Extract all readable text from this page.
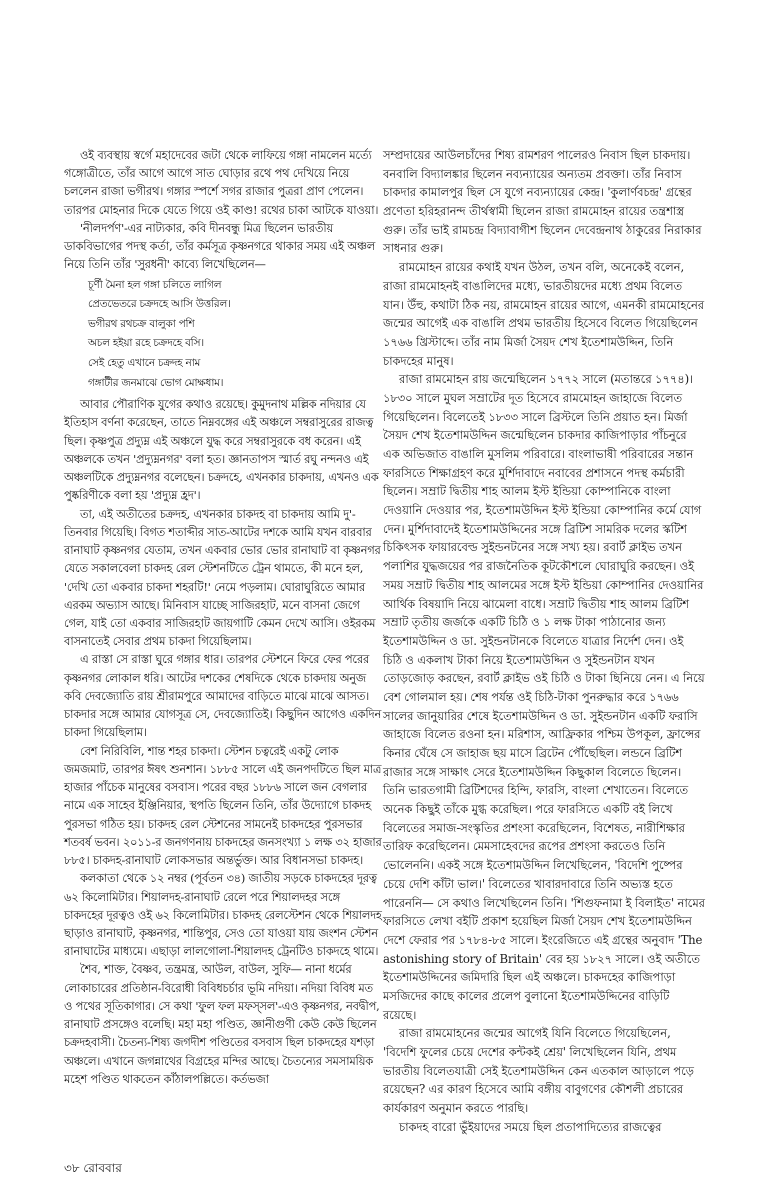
ওই ব্যবস্থায় স্বর্গে মহাদেবের জটা থেকে লাফিয়ে গঙ্গা নামলেন মর্ত্যে গঙ্গোত্রীতে, তাঁর আগে আগে সাত ঘোড়ার রথে পথ দেখিয়ে নিয়ে চললেন রাজা ভগীরথ। গঙ্গার স্পর্শে সগর রাজার পুত্ররা প্রাণ পেলেন। তারপর মোহনার দিকে যেতে গিয়ে ওই কাণ্ড! রথের চাকা আটকে যাওয়া।

'নীলদর্পণ'-এর নাট্যকার, কবি দীনবন্ধু মিত্র ছিলেন ভারতীয় ডাকবিভাগের পদস্থ কর্তা, তাঁর কর্মসূত্র কৃষ্ণনগরে থাকার সময় এই অঞ্চল নিয়ে তিনি তাঁর 'সুরধনী' কাব্যে লিখেছিলেন—

চূর্ণী মৈনা হল গঙ্গা চলিতে লাগিল
প্রেতভেতরে চক্রদহে আসি উত্তরিল।
ভগীরথ রথচক্র বালুকা পশি
অচল হইয়া রহে চক্রদহে বসি।
সেই হেতু এখানে চক্রদহ নাম
গঙ্গাটীর জনমাঝে ভোগ মোক্ষধাম।

আবার পৌরাণিক যুগের কথাও রয়েছে। কুমুদনাথ মল্লিক নদিয়ার যে ইতিহাস বর্ণনা করেছেন, তাতে নিম্নবঙ্গের এই অঞ্চলে সম্বরাসুরের রাজত্ব ছিল। কৃষ্ণপুত্র প্রদ্যুম্ন এই অঞ্চলে যুদ্ধ করে সম্বরাসুরকে বধ করেন। এই অঞ্চলকে তখন 'প্রদ্যুম্ননগর' বলা হত। জ্ঞানতাপস স্মার্ত রঘু নন্দনও এই অঞ্চলটিকে প্রদ্যুম্ননগর বলেছেন। চক্রদহে, এখনকার চাকদায়, এখনও এক পুষ্করিণীকে বলা হয় 'প্রদ্যুম্ন হ্রদ'।

তা, এই অতীতের চক্রদহ, এখনকার চাকদহ বা চাকদায় আমি দু'-তিনবার গিয়েছি। বিগত শতাব্দীর সাত-আটের দশকে আমি যখন বারবার রানাঘাট কৃষ্ণনগর যেতাম, তখন একবার ভোর ভোর রানাঘাট বা কৃষ্ণনগর যেতে সকালবেলা চাকদহ রেল স্টেশনটিতে ট্রেন থামতে, কী মনে হল, 'দেখি তো একবার চাকদা শহরটি!' নেমে পড়লাম। ঘোরাঘুরিতে আমার এরকম অভ্যাস আছে। মিনিবাস যাচ্ছে সাজিরহাট, মনে বাসনা জেগে গেল, যাই তো একবার সাজিরহাট জায়গাটি কেমন দেখে আসি। ওইরকম বাসনাতেই সেবার প্রথম চাকদা গিয়েছিলাম।

এ রাস্তা সে রাস্তা ঘুরে গঙ্গার ধার। তারপর স্টেশনে ফিরে ফের পরের কৃষ্ণনগর লোকাল ধরি। আটের দশকের শেষদিকে থেকে চাকদায় অনুজ কবি দেবজ্যোতি রায় শ্রীরামপুরে আমাদের বাড়িতে মাঝে মাঝে আসত। চাকদার সঙ্গে আমার যোগসূত্র সে, দেবজ্যোতিই। কিছুদিন আগেও একদিন চাকদা গিয়েছিলাম।

বেশ নিরিবিলি, শান্ত শহর চাকদা। স্টেশন চত্বরেই একটু লোক জমজমাট, তারপর ঈষৎ শুনশান। ১৮৮৫ সালে এই জনপদটিতে ছিল মাত্র হাজার পাঁচেক মানুষের বসবাস। পরের বছর ১৮৮৬ সালে জন বেগলার নামে এক সাহেব ইঞ্জিনিয়ার, স্থপতি ছিলেন তিনি, তাঁর উদ্যোগে চাকদহ পুরসভা গঠিত হয়। চাকদহ রেল স্টেশনের সামনেই চাকদহের পুরসভার শতবর্ষ ভবন। ২০১১-র জনগণনায় চাকদহের জনসংখ্যা ১ লক্ষ ৩২ হাজার ৮৮৫। চাকদহ-রানাঘাট লোকসভার অন্তর্ভুক্ত। আর বিধানসভা চাকদহ।

কলকাতা থেকে ১২ নম্বর (পূর্বতন ৩৪) জাতীয় সড়কে চাকদহের দূরত্ব ৬২ কিলোমিটার। শিয়ালদহ-রানাঘাট রেলে পরে শিয়ালদহর সঙ্গে চাকদহের দূরত্বও ওই ৬২ কিলোমিটার। চাকদহ রেলস্টেশন থেকে শিয়ালদহ ছাড়াও রানাঘাট, কৃষ্ণনগর, শান্তিপুর, সেও তো যাওয়া যায় জংশন স্টেশন রানাঘাটের মাধ্যমে। এছাড়া লালগোলা-শিয়ালদহ ট্রেনটিও চাকদহে থামে।

শৈব, শাক্ত, বৈষ্ণব, তন্ত্রমন্ত্র, আউল, বাউল, সুফি— নানা ধর্মের লোকাচারের প্রতিষ্ঠান-বিরোধী বিবিধচর্চার ভূমি নদিয়া। নদিয়া বিবিধ মত ও পথের সূতিকাগার। সে কথা 'ফুল ফল মফস্সল'-এও কৃষ্ণনগর, নবদ্বীপ, রানাঘাট প্রসঙ্গেও বলেছি। মহা মহা পণ্ডিত, জ্ঞানীগুণী কেউ কেউ ছিলেন চক্রদহবাসী। চৈতন্য-শিষ্য জগদীশ পণ্ডিতের বসবাস ছিল চাকদহের যশড়া অঞ্চলে। এখানে জগন্নাথের বিগ্রহের মন্দির আছে। চৈতন্যের সমসাময়িক মহেশ পণ্ডিত থাকতেন কাঁঠালপল্লিতে। কর্তভজা

সম্প্রদায়ের আউলচাঁদের শিষ্য রামশরণ পালেরও নিবাস ছিল চাকদায়। বনবালি বিদ্যালঙ্কার ছিলেন নব্যন্যায়ের অন্যতম প্রবক্তা। তাঁর নিবাস চাকদার কামালপুর ছিল সে যুগে নব্যন্যায়ের কেন্দ্র। 'কুলার্ণবচন্দ্র' গ্রন্থের প্রণেতা হরিহরানন্দ তীর্থস্বামী ছিলেন রাজা রামমোহন রায়ের তন্ত্রশাস্ত্র গুরু। তাঁর ভাই রামচন্দ্র বিদ্যাবাগীশ ছিলেন দেবেন্দ্রনাথ ঠাকুরের নিরাকার সাধনার গুরু।

রামমোহন রায়ের কথাই যখন উঠল, তখন বলি, অনেকেই বলেন, রাজা রামমোহনই বাঙালিদের মধ্যে, ভারতীয়দের মধ্যে প্রথম বিলেত যান। উঁহু, কথাটা ঠিক নয়, রামমোহন রায়ের আগে, এমনকী রামমোহনের জন্মের আগেই এক বাঙালি প্রথম ভারতীয় হিসেবে বিলেত গিয়েছিলেন ১৭৬৬ খ্রিস্টাব্দে। তাঁর নাম মির্জা সৈয়দ শেখ ইতেশামউদ্দিন, তিনি চাকদহের মানুষ।

রাজা রামমোহন রায় জন্মেছিলেন ১৭৭২ সালে (মতান্তরে ১৭৭৪)। ১৮৩০ সালে মুঘল সম্রাটের দূত হিসেবে রামমোহন জাহাজে বিলেত গিয়েছিলেন। বিলেতেই ১৮৩৩ সালে ব্রিস্টলে তিনি প্রয়াত হন। মির্জা সৈয়দ শেখ ইতেশামউদ্দিন জন্মেছিলেন চাকদার কাজিপাড়ার পাঁচনুরে এক অভিজাত বাঙালি মুসলিম পরিবারে। বাংলাভাষী পরিবারের সন্তান ফারসিতে শিক্ষাগ্রহণ করে মুর্শিদাবাদে নবাবের প্রশাসনে পদস্থ কর্মচারী ছিলেন। সম্রাট দ্বিতীয় শাহ আলম ইস্ট ইন্ডিয়া কোম্পানিকে বাংলা দেওয়ানি দেওয়ার পর, ইতেশামউদ্দিন ইস্ট ইন্ডিয়া কোম্পানির কর্মে যোগ দেন। মুর্শিদাবাদেই ইতেশামউদ্দিনের সঙ্গে ব্রিটিশ সামরিক দলের স্কটিশ চিকিৎসক ফায়ারবেল্ড সুইন্ডনটনের সঙ্গে সখ্য হয়। রবার্ট ক্লাইভ তখন পলাশির যুদ্ধজয়ের পর রাজনৈতিক কূটকৌশলে ঘোরাঘুরি করছেন। ওই সময় সম্রাট দ্বিতীয় শাহ আলমের সঙ্গে ইস্ট ইন্ডিয়া কোম্পানির দেওয়ানির আর্থিক বিষয়াদি নিয়ে ঝামেলা বাধে। সম্রাট দ্বিতীয় শাহ আলম ব্রিটিশ সম্রাট তৃতীয় জর্জকে একটি চিঠি ও ১ লক্ষ টাকা পাঠানোর জন্য ইতেশামউদ্দিন ও ডা. সুইন্ডনটানকে বিলেতে যাত্রার নির্দেশ দেন। ওই চিঠি ও একলাখ টাকা নিয়ে ইতেশামউদ্দিন ও সুইন্ডনটান যখন তোড়জোড় করছেন, রবার্ট ক্লাইভ ওই চিঠি ও টাকা ছিনিয়ে নেন। এ নিয়ে বেশ গোলমাল হয়। শেষ পর্যন্ত ওই চিঠি-টাকা পুনরুদ্ধার করে ১৭৬৬ সালের জানুয়ারির শেষে ইতেশামউদ্দিন ও ডা. সুইন্ডনটান একটি ফরাসি জাহাজে বিলেত রওনা হন। মরিশাস, আফ্রিকার পশ্চিম উপকূল, ফ্রান্সের কিনার ঘেঁষে সে জাহাজ ছয় মাসে ব্রিটেন পৌঁছেছিল। লন্ডনে ব্রিটিশ রাজার সঙ্গে সাক্ষাৎ সেরে ইতেশামউদ্দিন কিছুকাল বিলেতে ছিলেন। তিনি ভারতগামী ব্রিটিশদের হিন্দি, ফারসি, বাংলা শেখাতেন। বিলেতে অনেক কিছুই তাঁকে মুগ্ধ করেছিল। পরে ফারসিতে একটি বই লিখে বিলেতের সমাজ-সংস্কৃতির প্রশংসা করেছিলেন, বিশেষত, নারীশিক্ষার তারিফ করেছিলেন। মেমসাহেবদের রূপের প্রশংসা করতেও তিনি ভোলেননি। একই সঙ্গে ইতেশামউদ্দিন লিখেছিলেন, 'বিদেশি পুষ্পের চেয়ে দেশি কাঁটা ভাল।' বিলেতের খাবারদাবারে তিনি অভ্যস্ত হতে পারেননি— সে কথাও লিখেছিলেন তিনি। 'শিগুফনামা ই বিলাইত' নামের ফারসিতে লেখা বইটি প্রকাশ হয়েছিল মির্জা সৈয়দ শেখ ইতেশামউদ্দিন দেশে ফেরার পর ১৭৮৪-৮৫ সালে। ইংরেজিতে এই গ্রন্থের অনুবাদ 'The astonishing story of Britain' বের হয় ১৮২৭ সালে। ওই অতীতে ইতেশামউদ্দিনের জমিদারি ছিল এই অঞ্চলে। চাকদহের কাজিপাড়া মসজিদের কাছে কালের প্রলেপ বুলানো ইতেশামউদ্দিনের বাড়িটি রয়েছে।

রাজা রামমোহনের জন্মের আগেই যিনি বিলেতে গিয়েছিলেন, 'বিদেশি ফুলের চেয়ে দেশের কন্টকই শ্রেয়' লিখেছিলেন যিনি, প্রথম ভারতীয় বিলেতযাত্রী সেই ইতেশামউদ্দিন কেন এতকাল আড়ালে পড়ে রয়েছেন? এর কারণ হিসেবে আমি বঙ্গীয় বাবুগণের কৌশলী প্রচারের কার্যকারণ অনুমান করতে পারছি।

চাকদহ বারো ভুঁইয়াদের সময়ে ছিল প্রতাপাদিত্যের রাজত্বের

৩৮ রোববার
